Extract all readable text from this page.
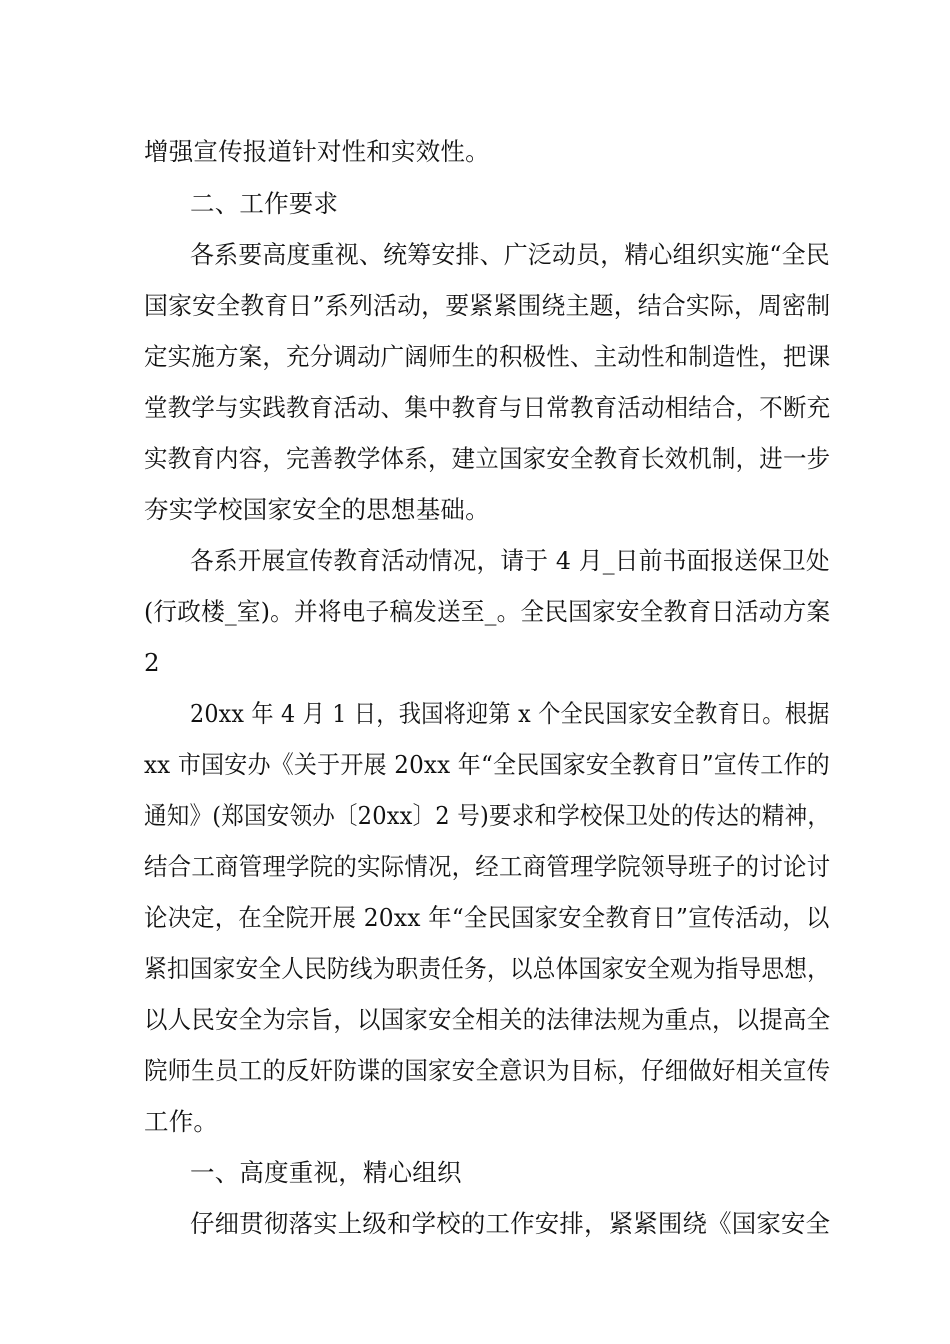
增强宣传报道针对性和实效性。
二、工作要求
各系要高度重视、统筹安排、广泛动员，精心组织实施“全民
国家安全教育日”系列活动，要紧紧围绕主题，结合实际，周密制
定实施方案，充分调动广阔师生的积极性、主动性和制造性，把课
堂教学与实践教育活动、集中教育与日常教育活动相结合，不断充
实教育内容，完善教学体系，建立国家安全教育长效机制，进一步
夯实学校国家安全的思想基础。
各系开展宣传教育活动情况，请于 4 月_日前书面报送保卫处
(行政楼_室)。并将电子稿发送至_。全民国家安全教育日活动方案
2
20xx 年 4 月 1 日，我国将迎第 x 个全民国家安全教育日。根据
xx 市国安办《关于开展 20xx 年“全民国家安全教育日”宣传工作的
通知》(郑国安领办〔20xx〕2 号)要求和学校保卫处的传达的精神，
结合工商管理学院的实际情况，经工商管理学院领导班子的讨论讨
论决定，在全院开展 20xx 年“全民国家安全教育日”宣传活动，以
紧扣国家安全人民防线为职责任务，以总体国家安全观为指导思想，
以人民安全为宗旨，以国家安全相关的法律法规为重点，以提高全
院师生员工的反奸防谍的国家安全意识为目标，仔细做好相关宣传
工作。
一、高度重视，精心组织
仔细贯彻落实上级和学校的工作安排，紧紧围绕《国家安全
